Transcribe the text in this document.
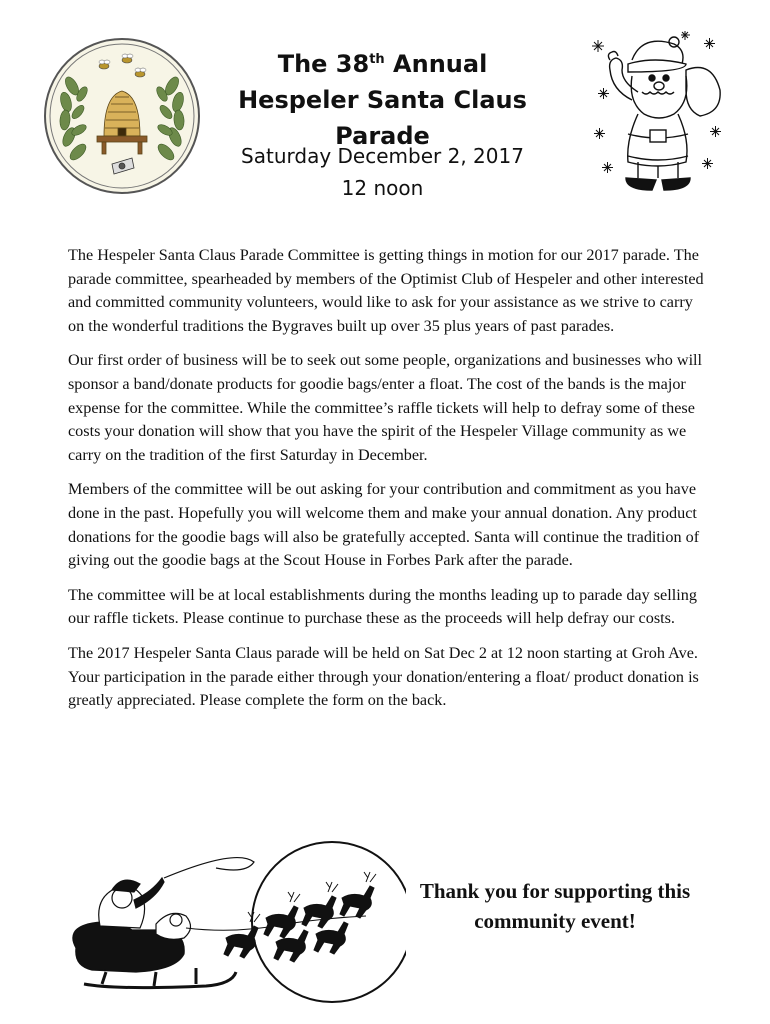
The 38th Annual
Hespeler Santa Claus Parade
Saturday December 2, 2017
12 noon

The Hespeler Santa Claus Parade Committee is getting things in motion for our 2017 parade. The parade committee, spearheaded by members of the Optimist Club of Hespeler and other interested and committed community volunteers, would like to ask for your assistance as we strive to carry on the wonderful traditions the Bygraves built up over 35 plus years of past parades.

Our first order of business will be to seek out some people, organizations and businesses who will sponsor a band/donate products for goodie bags/enter a float. The cost of the bands is the major expense for the committee. While the committee’s raffle tickets will help to defray some of these costs your donation will show that you have the spirit of the Hespeler Village community as we carry on the tradition of the first Saturday in December.

Members of the committee will be out asking for your contribution and commitment as you have done in the past. Hopefully you will welcome them and make your annual donation. Any product donations for the goodie bags will also be gratefully accepted. Santa will continue the tradition of giving out the goodie bags at the Scout House in Forbes Park after the parade.

The committee will be at local establishments during the months leading up to parade day selling our raffle tickets. Please continue to purchase these as the proceeds will help defray our costs.

The 2017 Hespeler Santa Claus parade will be held on Sat Dec 2 at 12 noon starting at Groh Ave. Your participation in the parade either through your donation/entering a float/ product donation is greatly appreciated. Please complete the form on the back.

Thank you for supporting this
community event!
